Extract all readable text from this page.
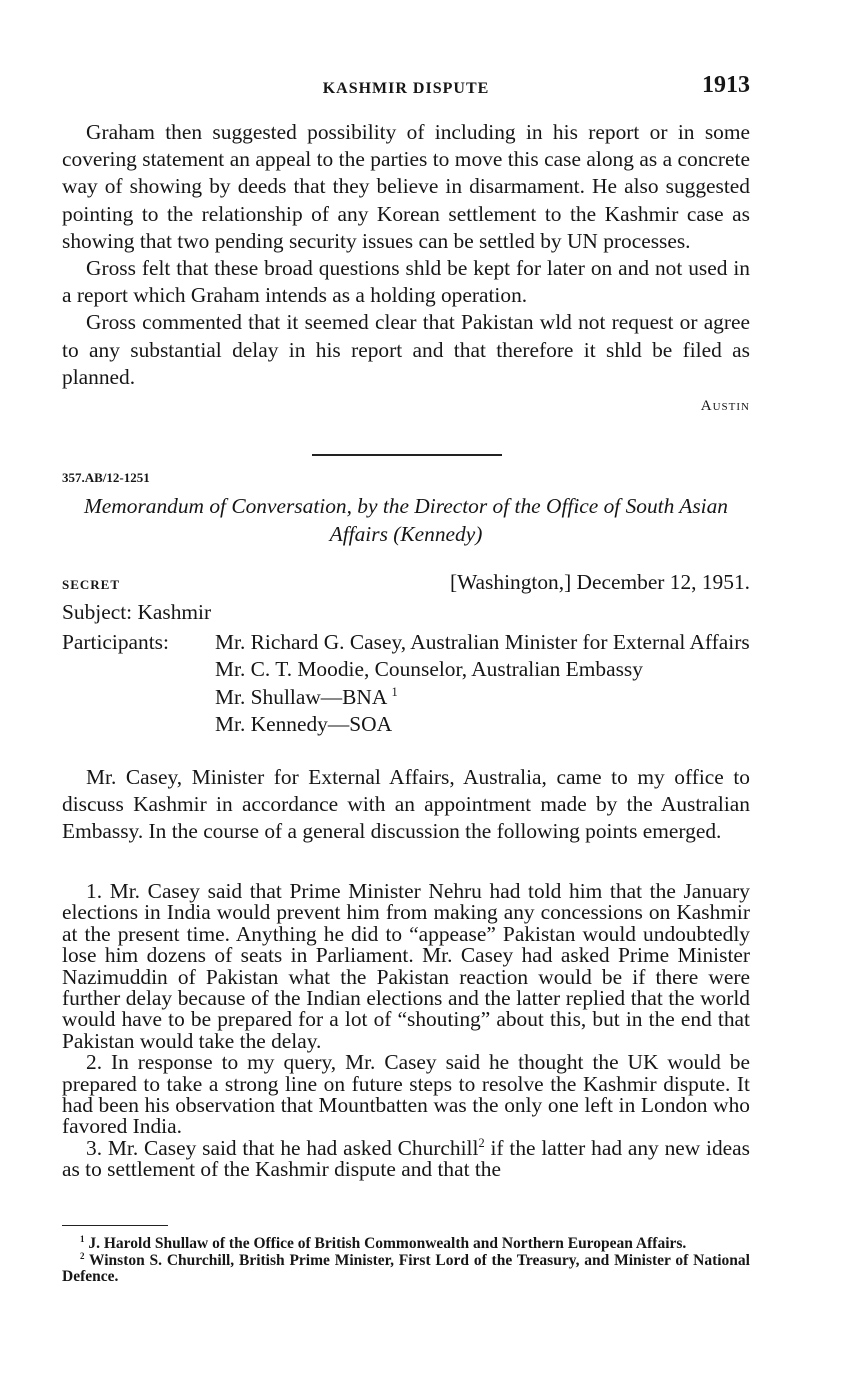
KASHMIR DISPUTE	1913

Graham then suggested possibility of including in his report or in some covering statement an appeal to the parties to move this case along as a concrete way of showing by deeds that they believe in disarmament. He also suggested pointing to the relationship of any Korean settlement to the Kashmir case as showing that two pending security issues can be settled by UN processes.

Gross felt that these broad questions shld be kept for later on and not used in a report which Graham intends as a holding operation.

Gross commented that it seemed clear that Pakistan wld not request or agree to any substantial delay in his report and that therefore it shld be filed as planned.

Austin
357.AB/12-1251
Memorandum of Conversation, by the Director of the Office of South Asian Affairs (Kennedy)
SECRET	[Washington,] December 12, 1951.
Subject: Kashmir
Participants: Mr. Richard G. Casey, Australian Minister for External Affairs
Mr. C. T. Moodie, Counselor, Australian Embassy
Mr. Shullaw—BNA $^1$
Mr. Kennedy—SOA

Mr. Casey, Minister for External Affairs, Australia, came to my office to discuss Kashmir in accordance with an appointment made by the Australian Embassy. In the course of a general discussion the following points emerged.

1. Mr. Casey said that Prime Minister Nehru had told him that the January elections in India would prevent him from making any concessions on Kashmir at the present time. Anything he did to “appease” Pakistan would undoubtedly lose him dozens of seats in Parliament. Mr. Casey had asked Prime Minister Nazimuddin of Pakistan what the Pakistan reaction would be if there were further delay because of the Indian elections and the latter replied that the world would have to be prepared for a lot of “shouting” about this, but in the end that Pakistan would take the delay.

2. In response to my query, Mr. Casey said he thought the UK would be prepared to take a strong line on future steps to resolve the Kashmir dispute. It had been his observation that Mountbatten was the only one left in London who favored India.

3. Mr. Casey said that he had asked Churchill$^2$ if the latter had any new ideas as to settlement of the Kashmir dispute and that the

$^1$ J. Harold Shullaw of the Office of British Commonwealth and Northern European Affairs.

$^2$ Winston S. Churchill, British Prime Minister, First Lord of the Treasury, and Minister of National Defence.
